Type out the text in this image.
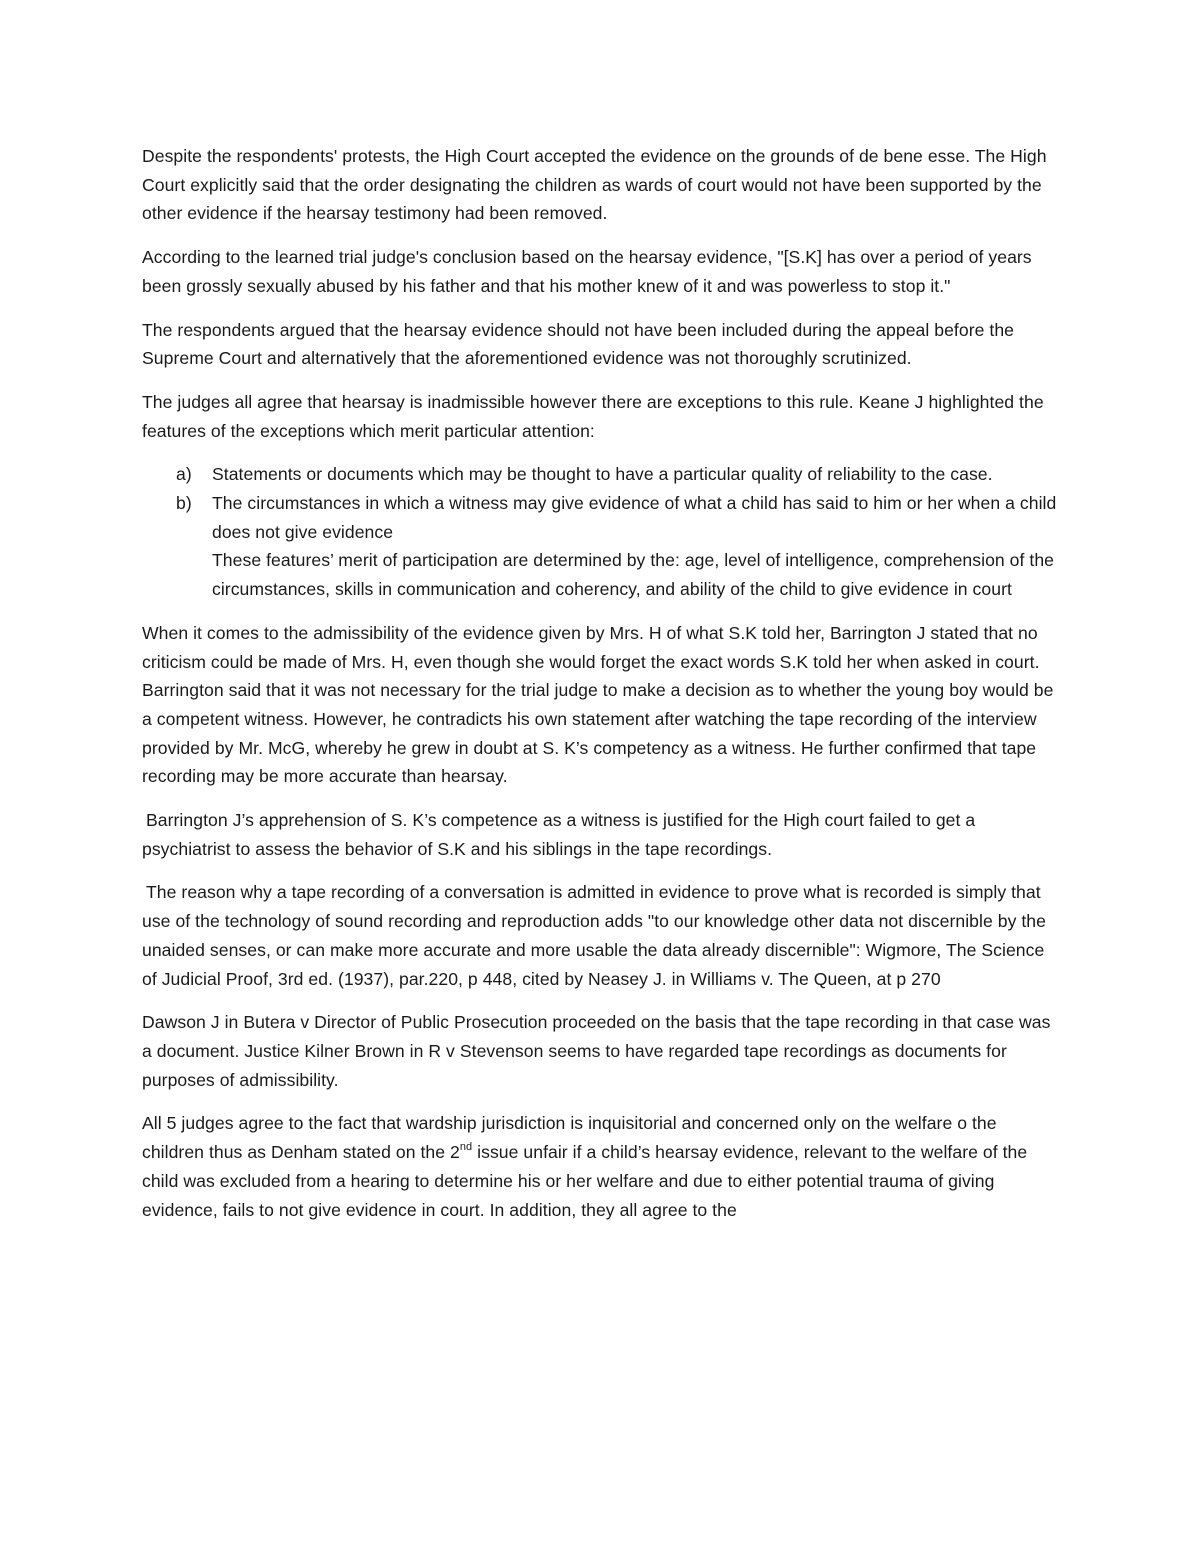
Despite the respondents' protests, the High Court accepted the evidence on the grounds of de bene esse. The High Court explicitly said that the order designating the children as wards of court would not have been supported by the other evidence if the hearsay testimony had been removed.

According to the learned trial judge's conclusion based on the hearsay evidence, "[S.K] has over a period of years been grossly sexually abused by his father and that his mother knew of it and was powerless to stop it."

The respondents argued that the hearsay evidence should not have been included during the appeal before the Supreme Court and alternatively that the aforementioned evidence was not thoroughly scrutinized.

The judges all agree that hearsay is inadmissible however there are exceptions to this rule. Keane J highlighted the features of the exceptions which merit particular attention:

a) Statements or documents which may be thought to have a particular quality of reliability to the case.
b) The circumstances in which a witness may give evidence of what a child has said to him or her when a child does not give evidence
These features’ merit of participation are determined by the: age, level of intelligence, comprehension of the circumstances, skills in communication and coherency, and ability of the child to give evidence in court

When it comes to the admissibility of the evidence given by Mrs. H of what S.K told her, Barrington J stated that no criticism could be made of Mrs. H, even though she would forget the exact words S.K told her when asked in court. Barrington said that it was not necessary for the trial judge to make a decision as to whether the young boy would be a competent witness. However, he contradicts his own statement after watching the tape recording of the interview provided by Mr. McG, whereby he grew in doubt at S. K’s competency as a witness. He further confirmed that tape recording may be more accurate than hearsay.

Barrington J’s apprehension of S. K’s competence as a witness is justified for the High court failed to get a psychiatrist to assess the behavior of S.K and his siblings in the tape recordings.

The reason why a tape recording of a conversation is admitted in evidence to prove what is recorded is simply that use of the technology of sound recording and reproduction adds "to our knowledge other data not discernible by the unaided senses, or can make more accurate and more usable the data already discernible": Wigmore, The Science of Judicial Proof, 3rd ed. (1937), par.220, p 448, cited by Neasey J. in Williams v. The Queen, at p 270

Dawson J in Butera v Director of Public Prosecution proceeded on the basis that the tape recording in that case was a document. Justice Kilner Brown in R v Stevenson seems to have regarded tape recordings as documents for purposes of admissibility.

All 5 judges agree to the fact that wardship jurisdiction is inquisitorial and concerned only on the welfare o the children thus as Denham stated on the 2nd issue unfair if a child’s hearsay evidence, relevant to the welfare of the child was excluded from a hearing to determine his or her welfare and due to either potential trauma of giving evidence, fails to not give evidence in court. In addition, they all agree to the
